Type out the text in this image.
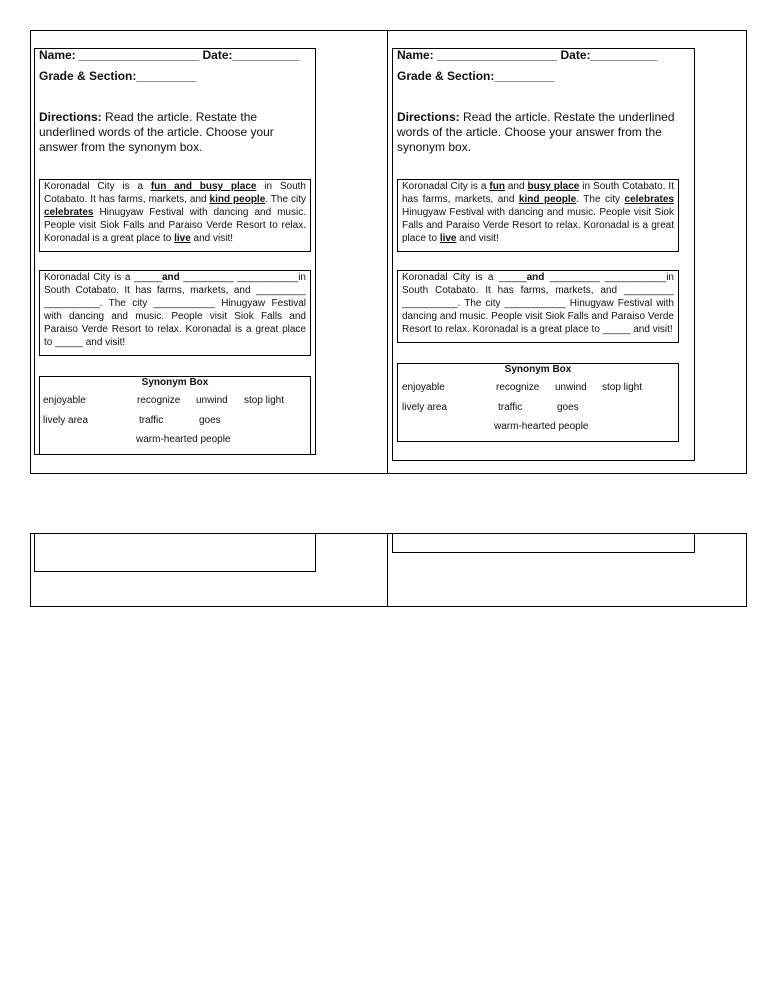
Name: __________________ Date:__________
Grade & Section:_________
Directions: Read the article. Restate the underlined words of the article. Choose your answer from the synonym box.
Koronadal City is a fun and busy place in South Cotabato. It has farms, markets, and kind people. The city celebrates Hinugyaw Festival with dancing and music. People visit Siok Falls and Paraiso Verde Resort to relax. Koronadal is a great place to live and visit!
Koronadal City is a _____and _________ ___________in South Cotabato. It has farms, markets, and _________ __________. The city ___________ Hinugyaw Festival with dancing and music. People visit Siok Falls and Paraiso Verde Resort to relax. Koronadal is a great place to _____ and visit!
Synonym Box
enjoyable	recognize unwind stop light
lively area	traffic	goes
warm-hearted people
Name: __________________ Date:__________
Grade & Section:_________
Directions: Read the article. Restate the underlined words of the article. Choose your answer from the synonym box.
Koronadal City is a fun and busy place in South Cotabato. It has farms, markets, and kind people. The city celebrates Hinugyaw Festival with dancing and music. People visit Siok Falls and Paraiso Verde Resort to relax. Koronadal is a great place to live and visit!
Koronadal City is a _____and _________ ___________in South Cotabato. It has farms, markets, and _________ __________. The city ___________ Hinugyaw Festival with dancing and music. People visit Siok Falls and Paraiso Verde Resort to relax. Koronadal is a great place to _____ and visit!
Synonym Box
enjoyable	recognize unwind stop light
lively area	traffic	goes
warm-hearted people
